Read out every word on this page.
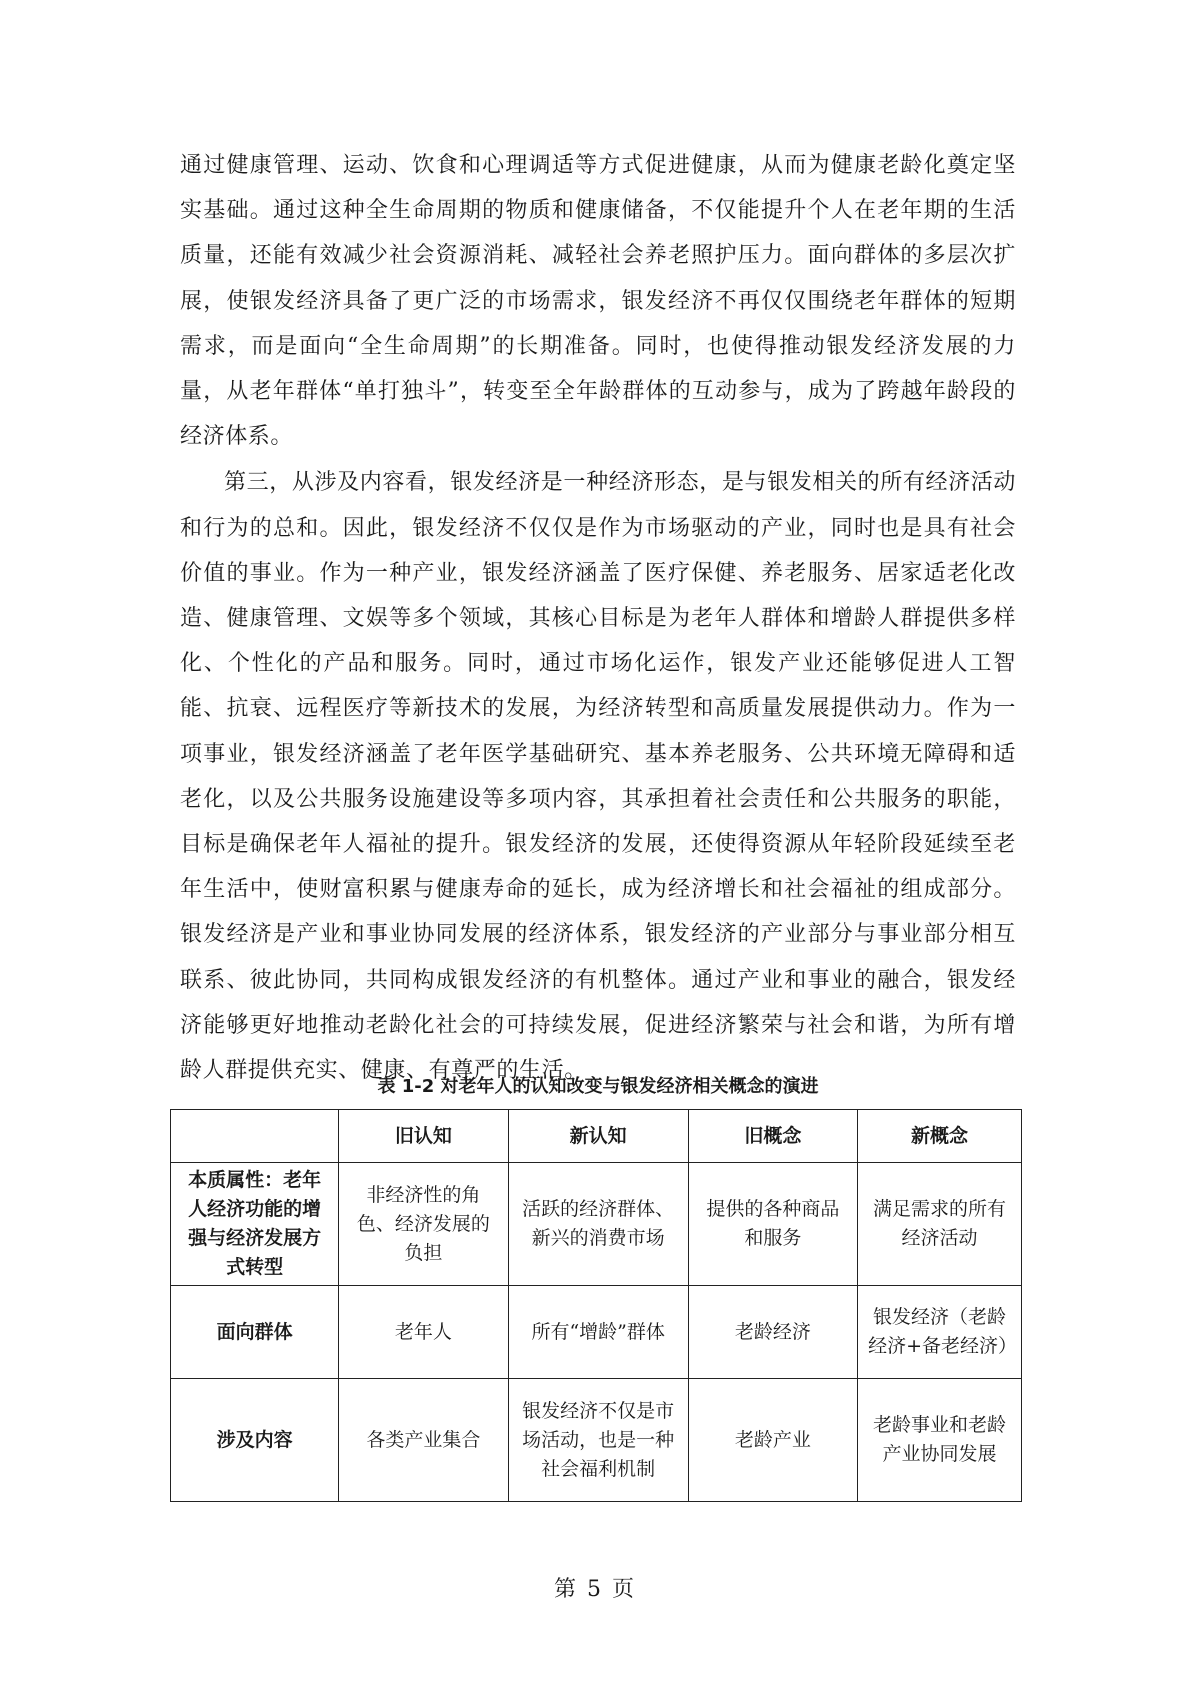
通过健康管理、运动、饮食和心理调适等方式促进健康，从而为健康老龄化奠定坚实基础。通过这种全生命周期的物质和健康储备，不仅能提升个人在老年期的生活质量，还能有效减少社会资源消耗、减轻社会养老照护压力。面向群体的多层次扩展，使银发经济具备了更广泛的市场需求，银发经济不再仅仅围绕老年群体的短期需求，而是面向“全生命周期”的长期准备。同时，也使得推动银发经济发展的力量，从老年群体“单打独斗”，转变至全年龄群体的互动参与，成为了跨越年龄段的经济体系。

第三，从涉及内容看，银发经济是一种经济形态，是与银发相关的所有经济活动和行为的总和。因此，银发经济不仅仅是作为市场驱动的产业，同时也是具有社会价值的事业。作为一种产业，银发经济涵盖了医疗保健、养老服务、居家适老化改造、健康管理、文娱等多个领域，其核心目标是为老年人群体和增龄人群提供多样化、个性化的产品和服务。同时，通过市场化运作，银发产业还能够促进人工智能、抗衰、远程医疗等新技术的发展，为经济转型和高质量发展提供动力。作为一项事业，银发经济涵盖了老年医学基础研究、基本养老服务、公共环境无障碍和适老化，以及公共服务设施建设等多项内容，其承担着社会责任和公共服务的职能，目标是确保老年人福祉的提升。银发经济的发展，还使得资源从年轻阶段延续至老年生活中，使财富积累与健康寿命的延长，成为经济增长和社会福祉的组成部分。银发经济是产业和事业协同发展的经济体系，银发经济的产业部分与事业部分相互联系、彼此协同，共同构成银发经济的有机整体。通过产业和事业的融合，银发经济能够更好地推动老龄化社会的可持续发展，促进经济繁荣与社会和谐，为所有增龄人群提供充实、健康、有尊严的生活。

表 1-2 对老年人的认知改变与银发经济相关概念的演进
	旧认知	新认知	旧概念	新概念
本质属性：老年人经济功能的增强与经济发展方式转型	非经济性的角色、经济发展的负担	活跃的经济群体、新兴的消费市场	提供的各种商品和服务	满足需求的所有经济活动
面向群体	老年人	所有“增龄”群体	老龄经济	银发经济（老龄经济+备老经济）
涉及内容	各类产业集合	银发经济不仅是市场活动，也是一种社会福利机制	老龄产业	老龄事业和老龄产业协同发展
第 5 页
